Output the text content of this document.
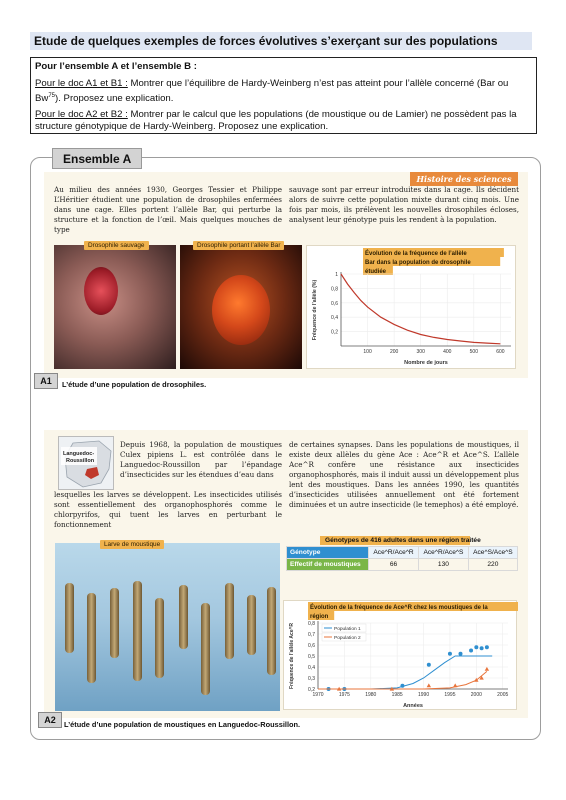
Etude de quelques exemples de forces évolutives s’exerçant sur des populations

Pour l’ensemble A et l’ensemble B :

Pour le doc A1 et B1 : Montrer que l’équilibre de Hardy-Weinberg n’est pas atteint pour l’allèle concerné (Bar ou Bw$^{75}$). Proposez une explication.

Pour le doc A2 et B2 : Montrer par le calcul que les populations (de moustique ou de Lamier) ne possèdent pas la structure génotypique de Hardy-Weinberg. Proposez une explication.

Ensemble A
Histoire des sciences
Au milieu des années 1930, Georges Tessier et Philippe L’Héritier étudient une population de drosophiles enfermées dans une cage. Elles portent l’allèle Bar, qui perturbe la structure et la fonction de l’œil. Mais quelques mouches de type
sauvage sont par erreur introduites dans la cage. Ils décident alors de suivre cette population mixte durant cinq mois. Une fois par mois, ils prélèvent les nouvelles drosophiles écloses, analysent leur génotype puis les rendent à la population.
Drosophile sauvage	Drosophile portant l’allèle Bar
Évolution de la fréquence de l’allèle
Bar dans la population de drosophile
étudiée
0,2
0,4
0,6
0,8
1
100	200	300	400	500	600
Nombre de jours
Fréquence de l’allèle (%)
A1	L’étude d’une population de drosophiles.
Languedoc-
Roussillon
Depuis 1968, la population de moustiques Culex pipiens L. est contrôlée dans le Languedoc-Roussillon par l’épandage d’insecticides sur les étendues d’eau dans
lesquelles les larves se développent. Les insecticides utilisés sont essentiellement des organophosphorés comme le chlorpyrifos, qui tuent les larves en perturbant le fonctionnement
de certaines synapses. Dans les populations de moustiques, il existe deux allèles du gène Ace : Ace^R et Ace^S. L’allèle Ace^R confère une résistance aux insecticides organophosphorés, mais il induit aussi un développement plus lent des moustiques. Dans les années 1990, les quantités d’insecticides utilisées annuellement ont été fortement diminuées et un autre insecticide (le temephos) a été employé.
Larve de moustique
Génotypes de 416 adultes dans une région traitée
Génotype	Ace^R/Ace^R	Ace^R/Ace^S	Ace^S/Ace^S
Effectif de moustiques	66	130	220
Évolution de la fréquence de Ace^R chez les moustiques de la
région
0,2
0,3
0,4
0,5
0,6
0,7
0,8
1970	1975	1980	1985	1990	1995	2000	2005
Population 1
Population 2
Années
Fréquence de l’allèle Ace^R
A2	L’étude d’une population de moustiques en Languedoc-Roussillon.
